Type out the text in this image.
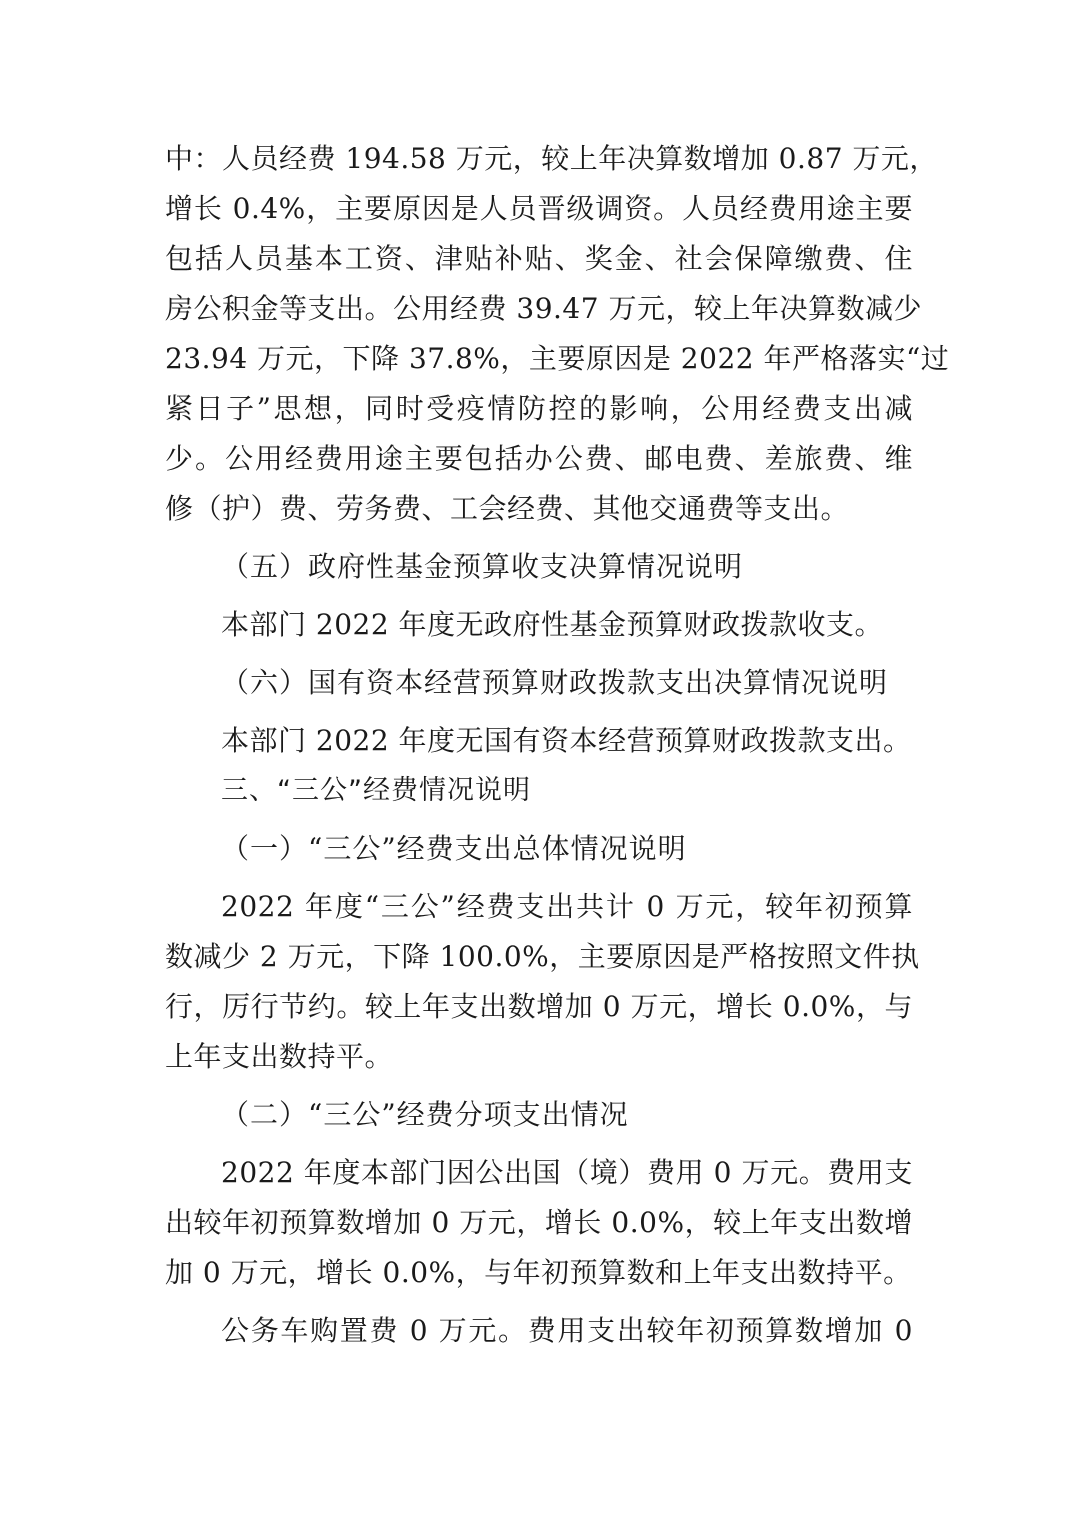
中：人员经费 194.58 万元，较上年决算数增加 0.87 万元，
增长 0.4%，主要原因是人员晋级调资。人员经费用途主要
包括人员基本工资、津贴补贴、奖金、社会保障缴费、住
房公积金等支出。公用经费 39.47 万元，较上年决算数减少
23.94 万元，下降 37.8%，主要原因是 2022 年严格落实“过
紧日子”思想，同时受疫情防控的影响，公用经费支出减
少。公用经费用途主要包括办公费、邮电费、差旅费、维
修（护）费、劳务费、工会经费、其他交通费等支出。
（五）政府性基金预算收支决算情况说明
本部门 2022 年度无政府性基金预算财政拨款收支。
（六）国有资本经营预算财政拨款支出决算情况说明
本部门 2022 年度无国有资本经营预算财政拨款支出。
三、“三公”经费情况说明
（一）“三公”经费支出总体情况说明
2022 年度“三公”经费支出共计 0 万元，较年初预算
数减少 2 万元，下降 100.0%，主要原因是严格按照文件执
行，厉行节约。较上年支出数增加 0 万元，增长 0.0%，与
上年支出数持平。
（二）“三公”经费分项支出情况
2022 年度本部门因公出国（境）费用 0 万元。费用支
出较年初预算数增加 0 万元，增长 0.0%，较上年支出数增
加 0 万元，增长 0.0%，与年初预算数和上年支出数持平。
公务车购置费 0 万元。费用支出较年初预算数增加 0
